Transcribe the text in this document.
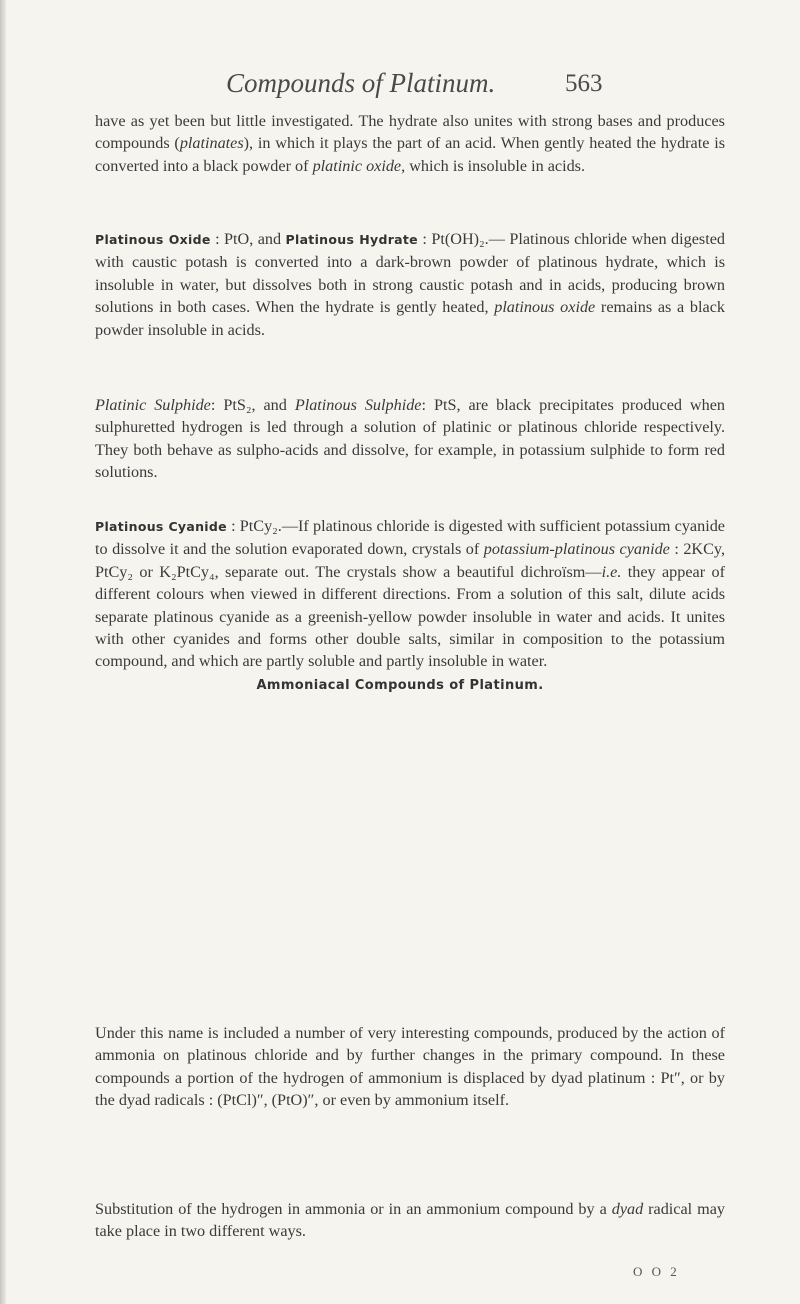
Compounds of Platinum.	563

have as yet been but little investigated. The hydrate also unites with strong bases and produces compounds (platinates), in which it plays the part of an acid. When gently heated the hydrate is converted into a black powder of platinic oxide, which is insoluble in acids.

Platinous Oxide : PtO, and Platinous Hydrate : Pt(OH)₂.— Platinous chloride when digested with caustic potash is converted into a dark-brown powder of platinous hydrate, which is insoluble in water, but dissolves both in strong caustic potash and in acids, producing brown solutions in both cases. When the hydrate is gently heated, platinous oxide remains as a black powder insoluble in acids.

Platinic Sulphide: PtS₂, and Platinous Sulphide: PtS, are black precipitates produced when sulphuretted hydrogen is led through a solution of platinic or platinous chloride respectively. They both behave as sulpho-acids and dissolve, for example, in potassium sulphide to form red solutions.

Platinous Cyanide : PtCy₂.—If platinous chloride is digested with sufficient potassium cyanide to dissolve it and the solution evaporated down, crystals of potassium-platinous cyanide : 2KCy, PtCy₂ or K₂PtCy₄, separate out. The crystals show a beautiful dichroïsm—i.e. they appear of different colours when viewed in different directions. From a solution of this salt, dilute acids separate platinous cyanide as a greenish-yellow powder insoluble in water and acids. It unites with other cyanides and forms other double salts, similar in composition to the potassium compound, and which are partly soluble and partly insoluble in water.

Ammoniacal Compounds of Platinum.

Under this name is included a number of very interesting compounds, produced by the action of ammonia on platinous chloride and by further changes in the primary compound. In these compounds a portion of the hydrogen of ammonium is displaced by dyad platinum : Pt″, or by the dyad radicals : (PtCl)″, (PtO)″, or even by ammonium itself.

Substitution of the hydrogen in ammonia or in an ammonium compound by a dyad radical may take place in two different ways.

O O 2
